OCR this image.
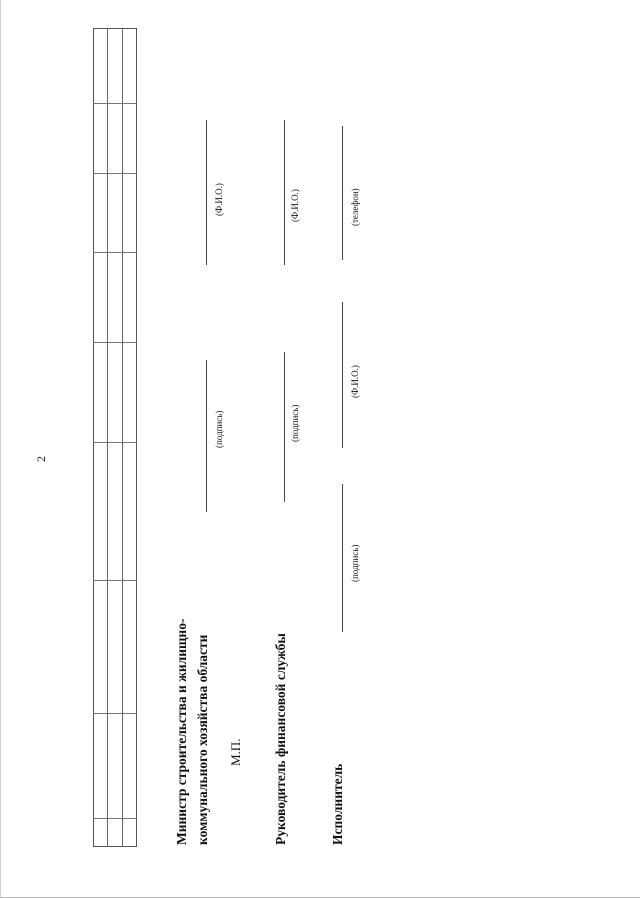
2
Министр строительства и жилищно- коммунального хозяйства области М.П.
(подпись)
(Ф.И.О.)
Руководитель финансовой службы
(подпись)
(Ф.И.О.)
Исполнитель
(подпись)
(Ф.И.О.)
(телефон)
